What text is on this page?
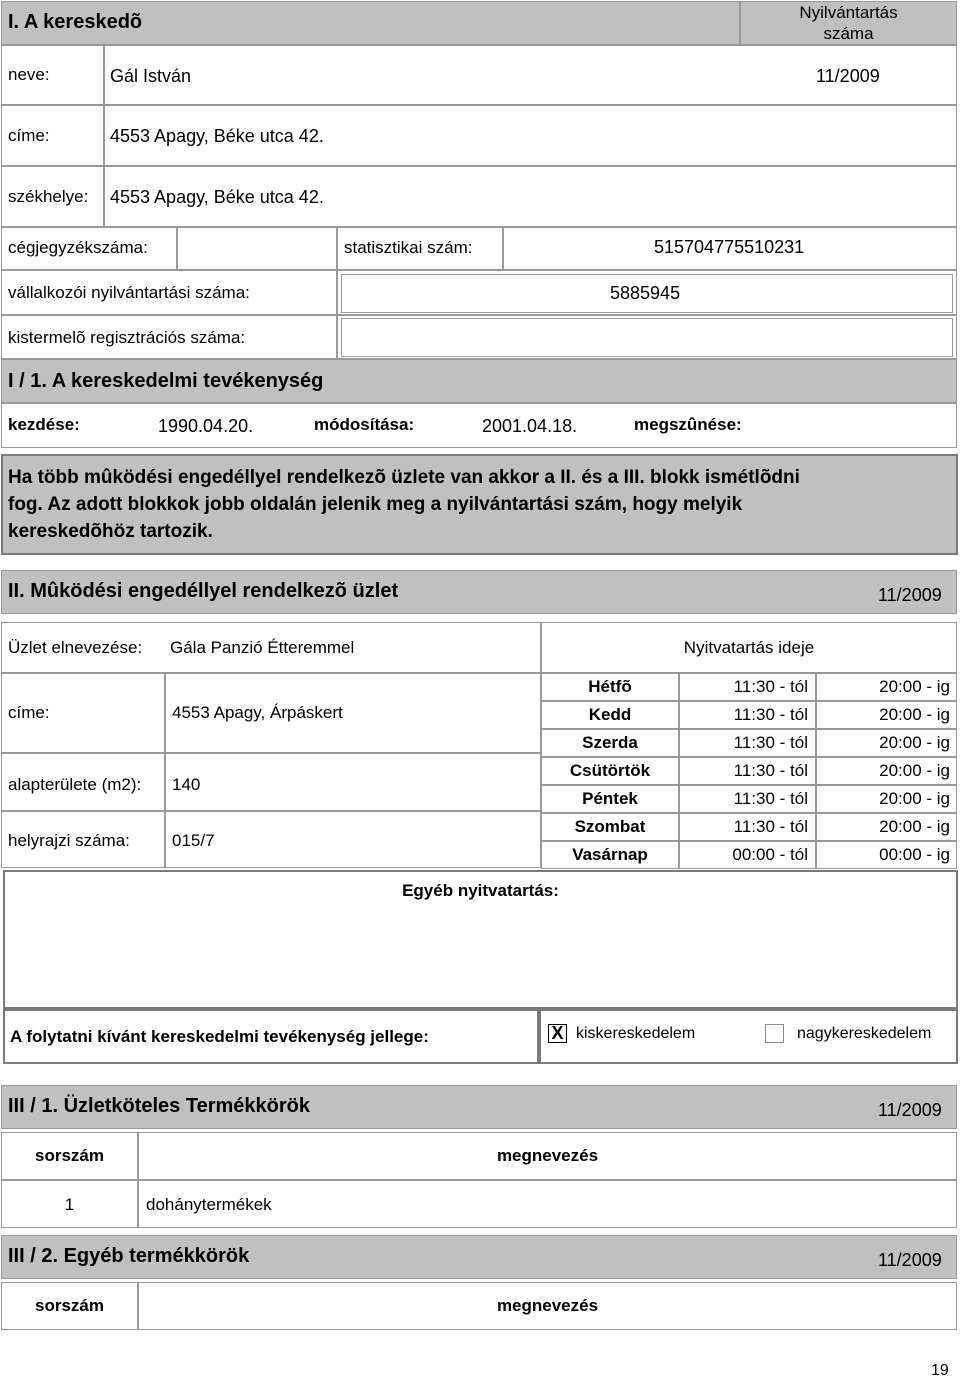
I. A kereskedõ	Nyilvántartás
száma
neve:	Gál István	11/2009
címe:	4553 Apagy, Béke utca 42.
székhelye: 4553 Apagy, Béke utca 42.
cégjegyzékszáma:	statisztikai szám:	515704775510231
vállalkozói nyilvántartási száma:	5885945
kistermelõ regisztrációs száma:
I / 1. A kereskedelmi tevékenység
kezdése:	1990.04.20.	módosítása:	2001.04.18.	megszûnése:
Ha több mûködési engedéllyel rendelkezõ üzlete van akkor a II. és a III. blokk ismétlõdni
fog. Az adott blokkok jobb oldalán jelenik meg a nyilvántartási szám, hogy melyik
kereskedõhöz tartozik.
II. Mûködési engedéllyel rendelkezõ üzlet	11/2009
Üzlet elnevezése: Gála Panzió Étteremmel	Nyitvatartás ideje
címe:	4553 Apagy, Árpáskert
alapterülete (m2): 140
helyrajzi száma: 015/7
Hétfõ	11:30 - tól	20:00 - ig
Kedd	11:30 - tól	20:00 - ig
Szerda	11:30 - tól	20:00 - ig
Csütörtök	11:30 - tól	20:00 - ig
Péntek	11:30 - tól	20:00 - ig
Szombat	11:30 - tól	20:00 - ig
Vasárnap	00:00 - tól	00:00 - ig
Egyéb nyitvatartás:
A folytatni kívánt kereskedelmi tevékenység jellege:	X kiskereskedelem	nagykereskedelem
III / 1. Üzletköteles Termékkörök	11/2009
sorszám	megnevezés
1	dohánytermékek
III / 2. Egyéb termékkörök	11/2009
sorszám	megnevezés
19
